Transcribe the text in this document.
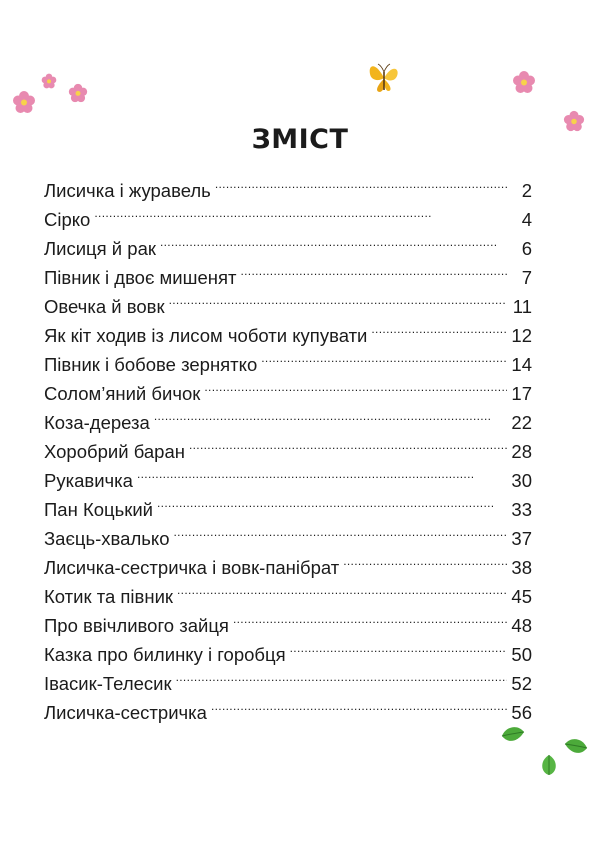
ЗМІСТ
Лисичка і журавель . . .	2
Сірко . . .	4
Лисиця й рак . . .	6
Півник і двоє мишенят . . .	7
Овечка й вовк . . .	11
Як кіт ходив із лисом чоботи купувати . . .	12
Півник і бобове зернятко . . .	14
Солом’яний бичок . . .	17
Коза-дереза . . .	22
Хоробрий баран . . .	28
Рукавичка . . .	30
Пан Коцький . . .	33
Заєць-хвалько . . .	37
Лисичка-сестричка і вовк-панібрат . . .	38
Котик та півник . . .	45
Про ввічливого зайця . . .	48
Казка про билинку і горобця . . .	50
Івасик-Телесик . . .	52
Лисичка-сестричка . . .	56
